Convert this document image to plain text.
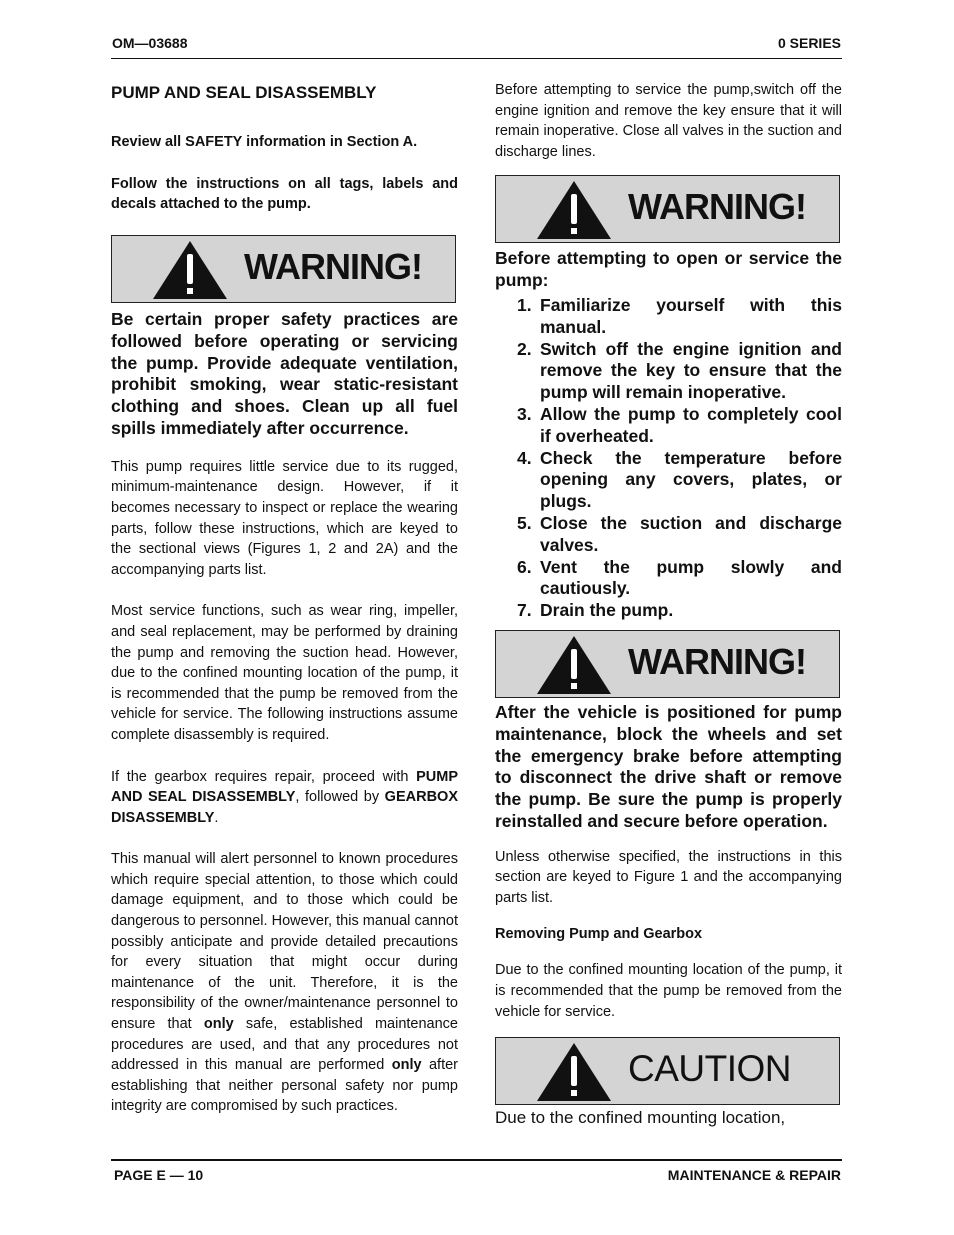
OM—03688	0 SERIES
PUMP AND SEAL DISASSEMBLY

Review all SAFETY information in Section A.

Follow the instructions on all tags, labels and decals attached to the pump.

WARNING!

Be certain proper safety practices are followed before operating or servicing the pump. Provide adequate ventilation, prohibit smoking, wear static-resistant clothing and shoes. Clean up all fuel spills immediately after occurrence.

This pump requires little service due to its rugged, minimum-maintenance design. However, if it becomes necessary to inspect or replace the wearing parts, follow these instructions, which are keyed to the sectional views (Figures 1, 2 and 2A) and the accompanying parts list.

Most service functions, such as wear ring, impeller, and seal replacement, may be performed by draining the pump and removing the suction head. However, due to the confined mounting location of the pump, it is recommended that the pump be removed from the vehicle for service. The following instructions assume complete disassembly is required.

If the gearbox requires repair, proceed with PUMP AND SEAL DISASSEMBLY, followed by GEARBOX DISASSEMBLY.

This manual will alert personnel to known procedures which require special attention, to those which could damage equipment, and to those which could be dangerous to personnel. However, this manual cannot possibly anticipate and provide detailed precautions for every situation that might occur during maintenance of the unit. Therefore, it is the responsibility of the owner/maintenance personnel to ensure that only safe, established maintenance procedures are used, and that any procedures not addressed in this manual are performed only after establishing that neither personal safety nor pump integrity are compromised by such practices.

Before attempting to service the pump,switch off the engine ignition and remove the key ensure that it will remain inoperative. Close all valves in the suction and discharge lines.

WARNING!

Before attempting to open or service the pump:

1. Familiarize yourself with this manual.
2. Switch off the engine ignition and remove the key to ensure that the pump will remain inoperative.
3. Allow the pump to completely cool if overheated.
4. Check the temperature before opening any covers, plates, or plugs.
5. Close the suction and discharge valves.
6. Vent the pump slowly and cautiously.
7. Drain the pump.
WARNING!

After the vehicle is positioned for pump maintenance, block the wheels and set the emergency brake before attempting to disconnect the drive shaft or remove the pump. Be sure the pump is properly reinstalled and secure before operation.

Unless otherwise specified, the instructions in this section are keyed to Figure 1 and the accompanying parts list.

Removing Pump and Gearbox

Due to the confined mounting location of the pump, it is recommended that the pump be removed from the vehicle for service.

CAUTION

Due to the confined mounting location,

PAGE E — 10	MAINTENANCE & REPAIR
